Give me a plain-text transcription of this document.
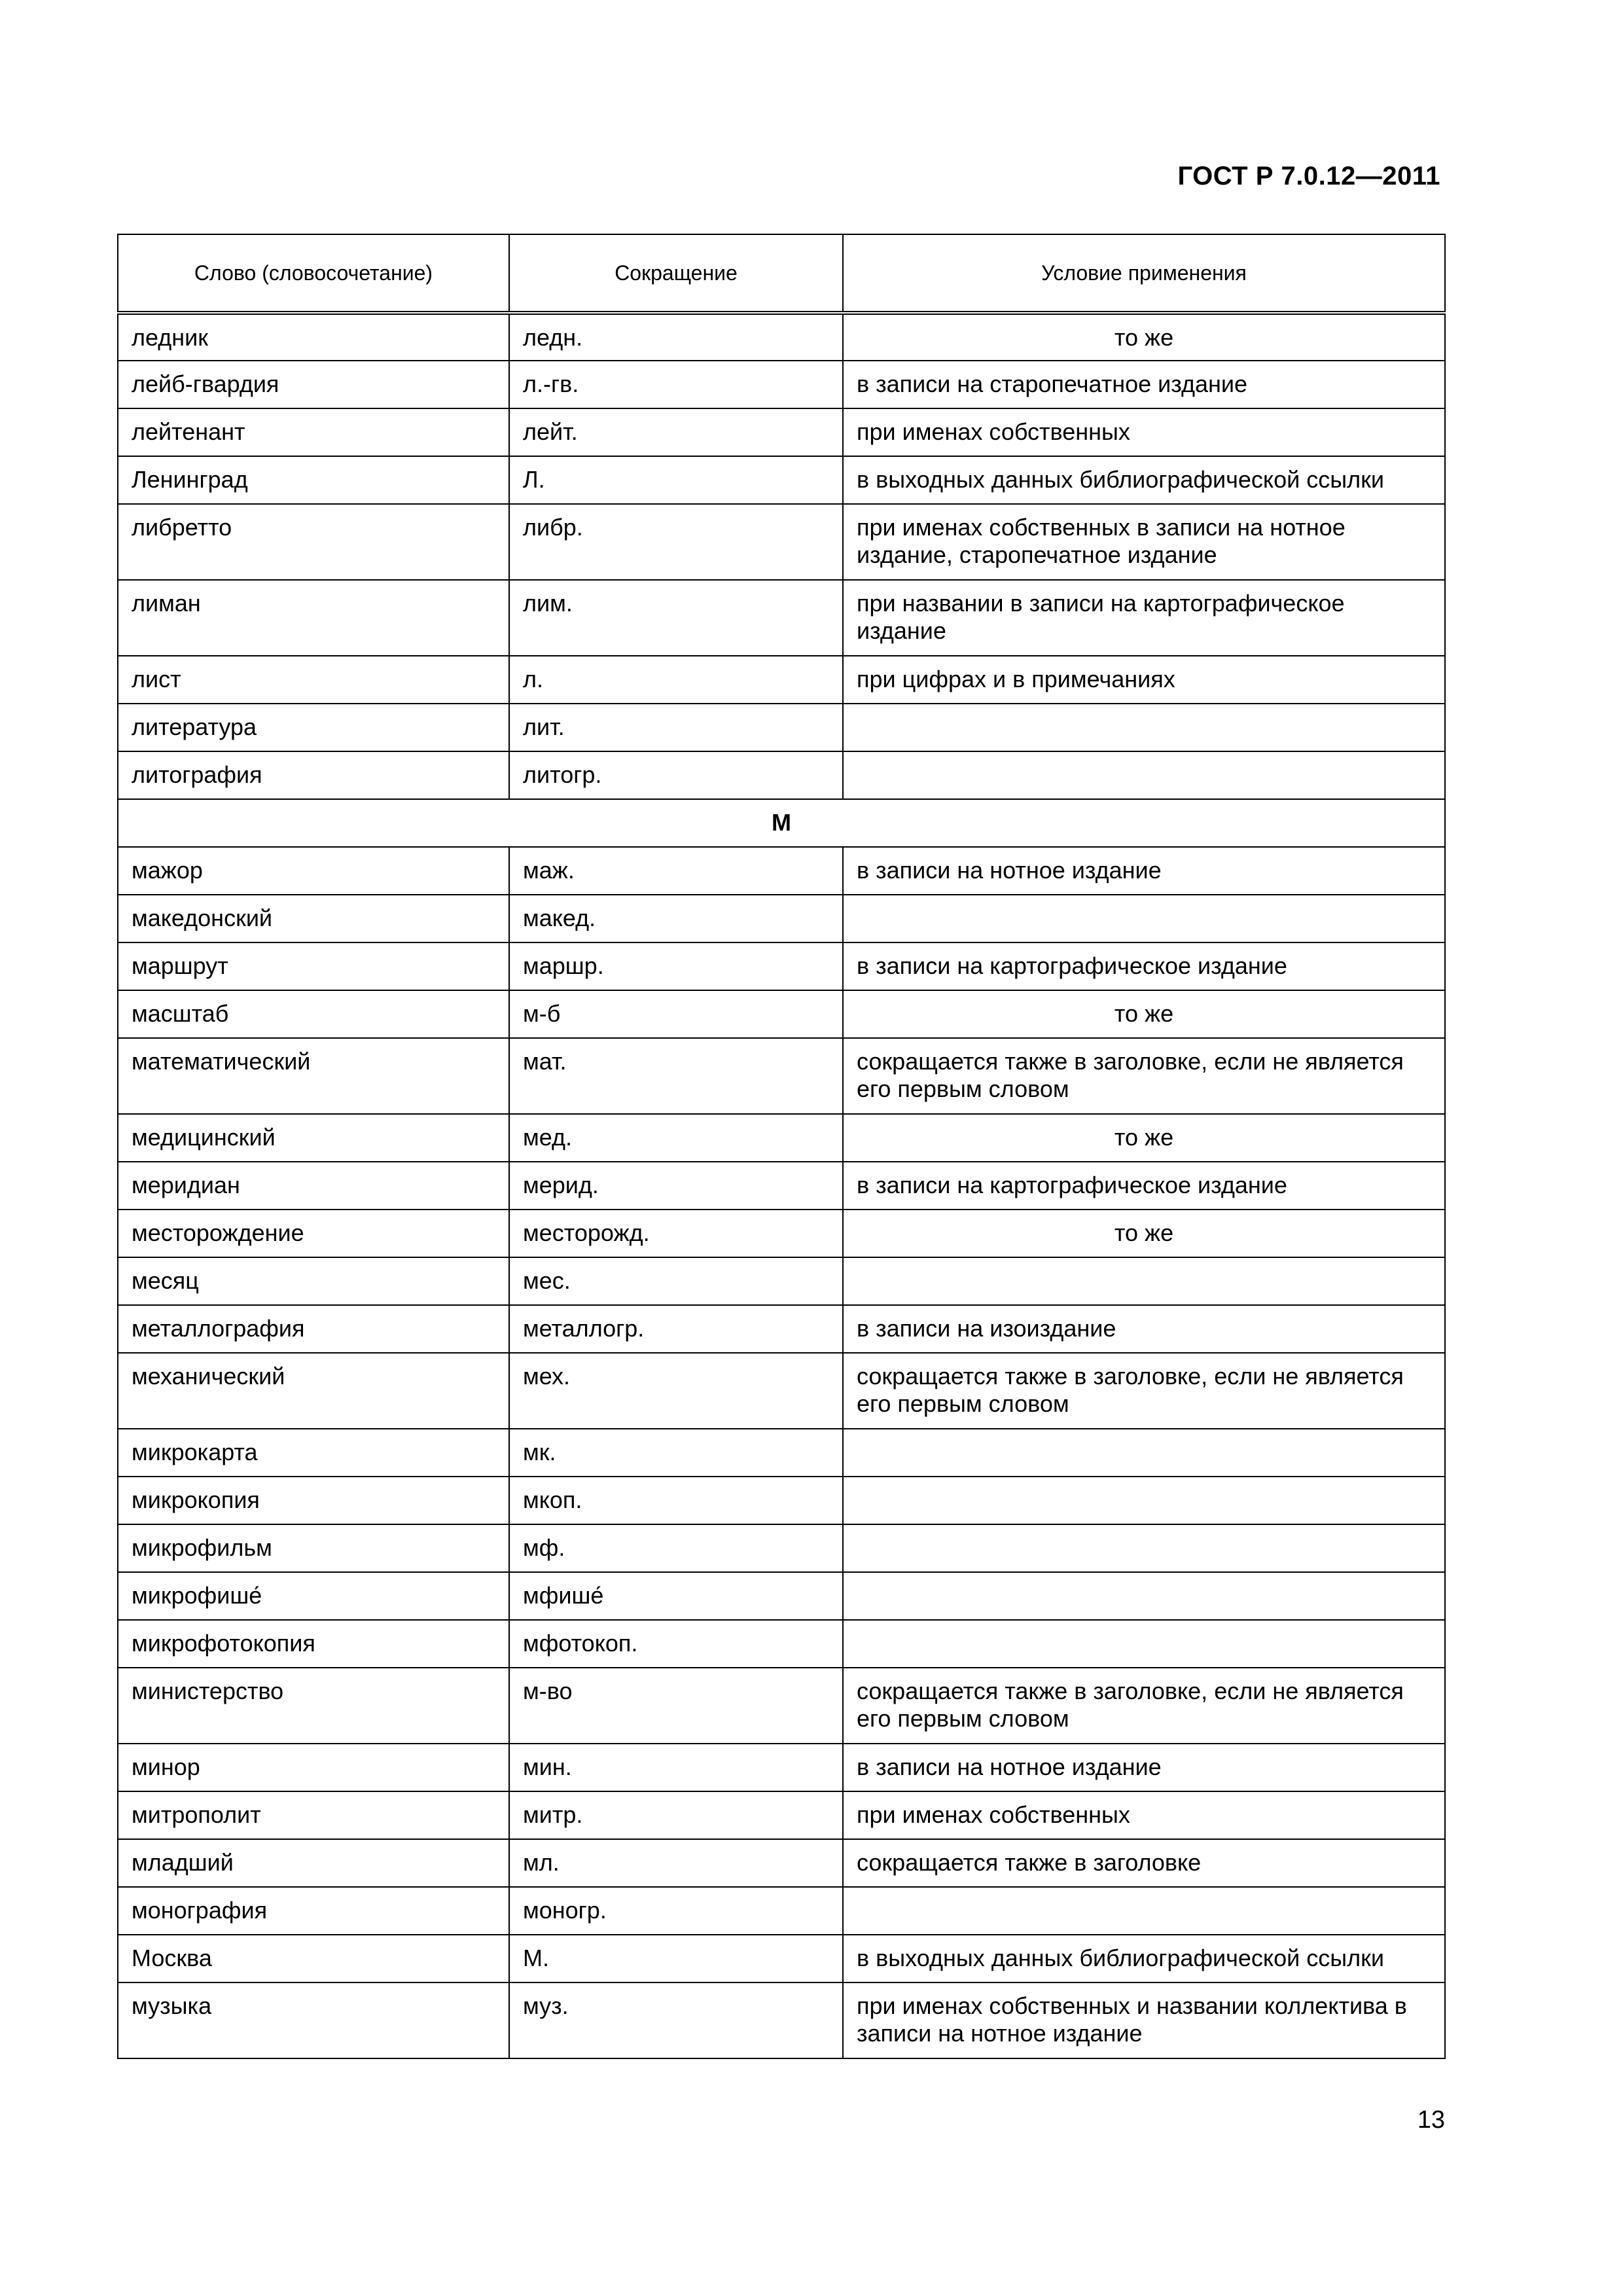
ГОСТ Р 7.0.12—2011
Слово (словосочетание)	Сокращение	Условие применения
ледник	ледн.	то же
лейб-гвардия	л.-гв.	в записи на старопечатное издание
лейтенант	лейт.	при именах собственных
Ленинград	Л.	в выходных данных библиографической ссылки
либретто	либр.	при именах собственных в записи на нотное издание, старопечатное издание
лиман	лим.	при названии в записи на картографическое издание
лист	л.	при цифрах и в примечаниях
литература	лит.	
литография	литогр.	
М		
мажор	маж.	в записи на нотное издание
македонский	макед.	
маршрут	маршр.	в записи на картографическое издание
масштаб	м-б	то же
математический	мат.	сокращается также в заголовке, если не является его первым словом
медицинский	мед.	то же
меридиан	мерид.	в записи на картографическое издание
месторождение	месторожд.	то же
месяц	мес.	
металлография	металлогр.	в записи на изоиздание
механический	мех.	сокращается также в заголовке, если не является его первым словом
микрокарта	мк.	
микрокопия	мкоп.	
микрофильм	мф.	
микрофише́	мфише́	
микрофотокопия	мфотокоп.	
министерство	м-во	сокращается также в заголовке, если не является его первым словом
минор	мин.	в записи на нотное издание
митрополит	митр.	при именах собственных
младший	мл.	сокращается также в заголовке
монография	моногр.	
Москва	М.	в выходных данных библиографической ссылки
музыка	муз.	при именах собственных и названии коллектива в записи на нотное издание
13
